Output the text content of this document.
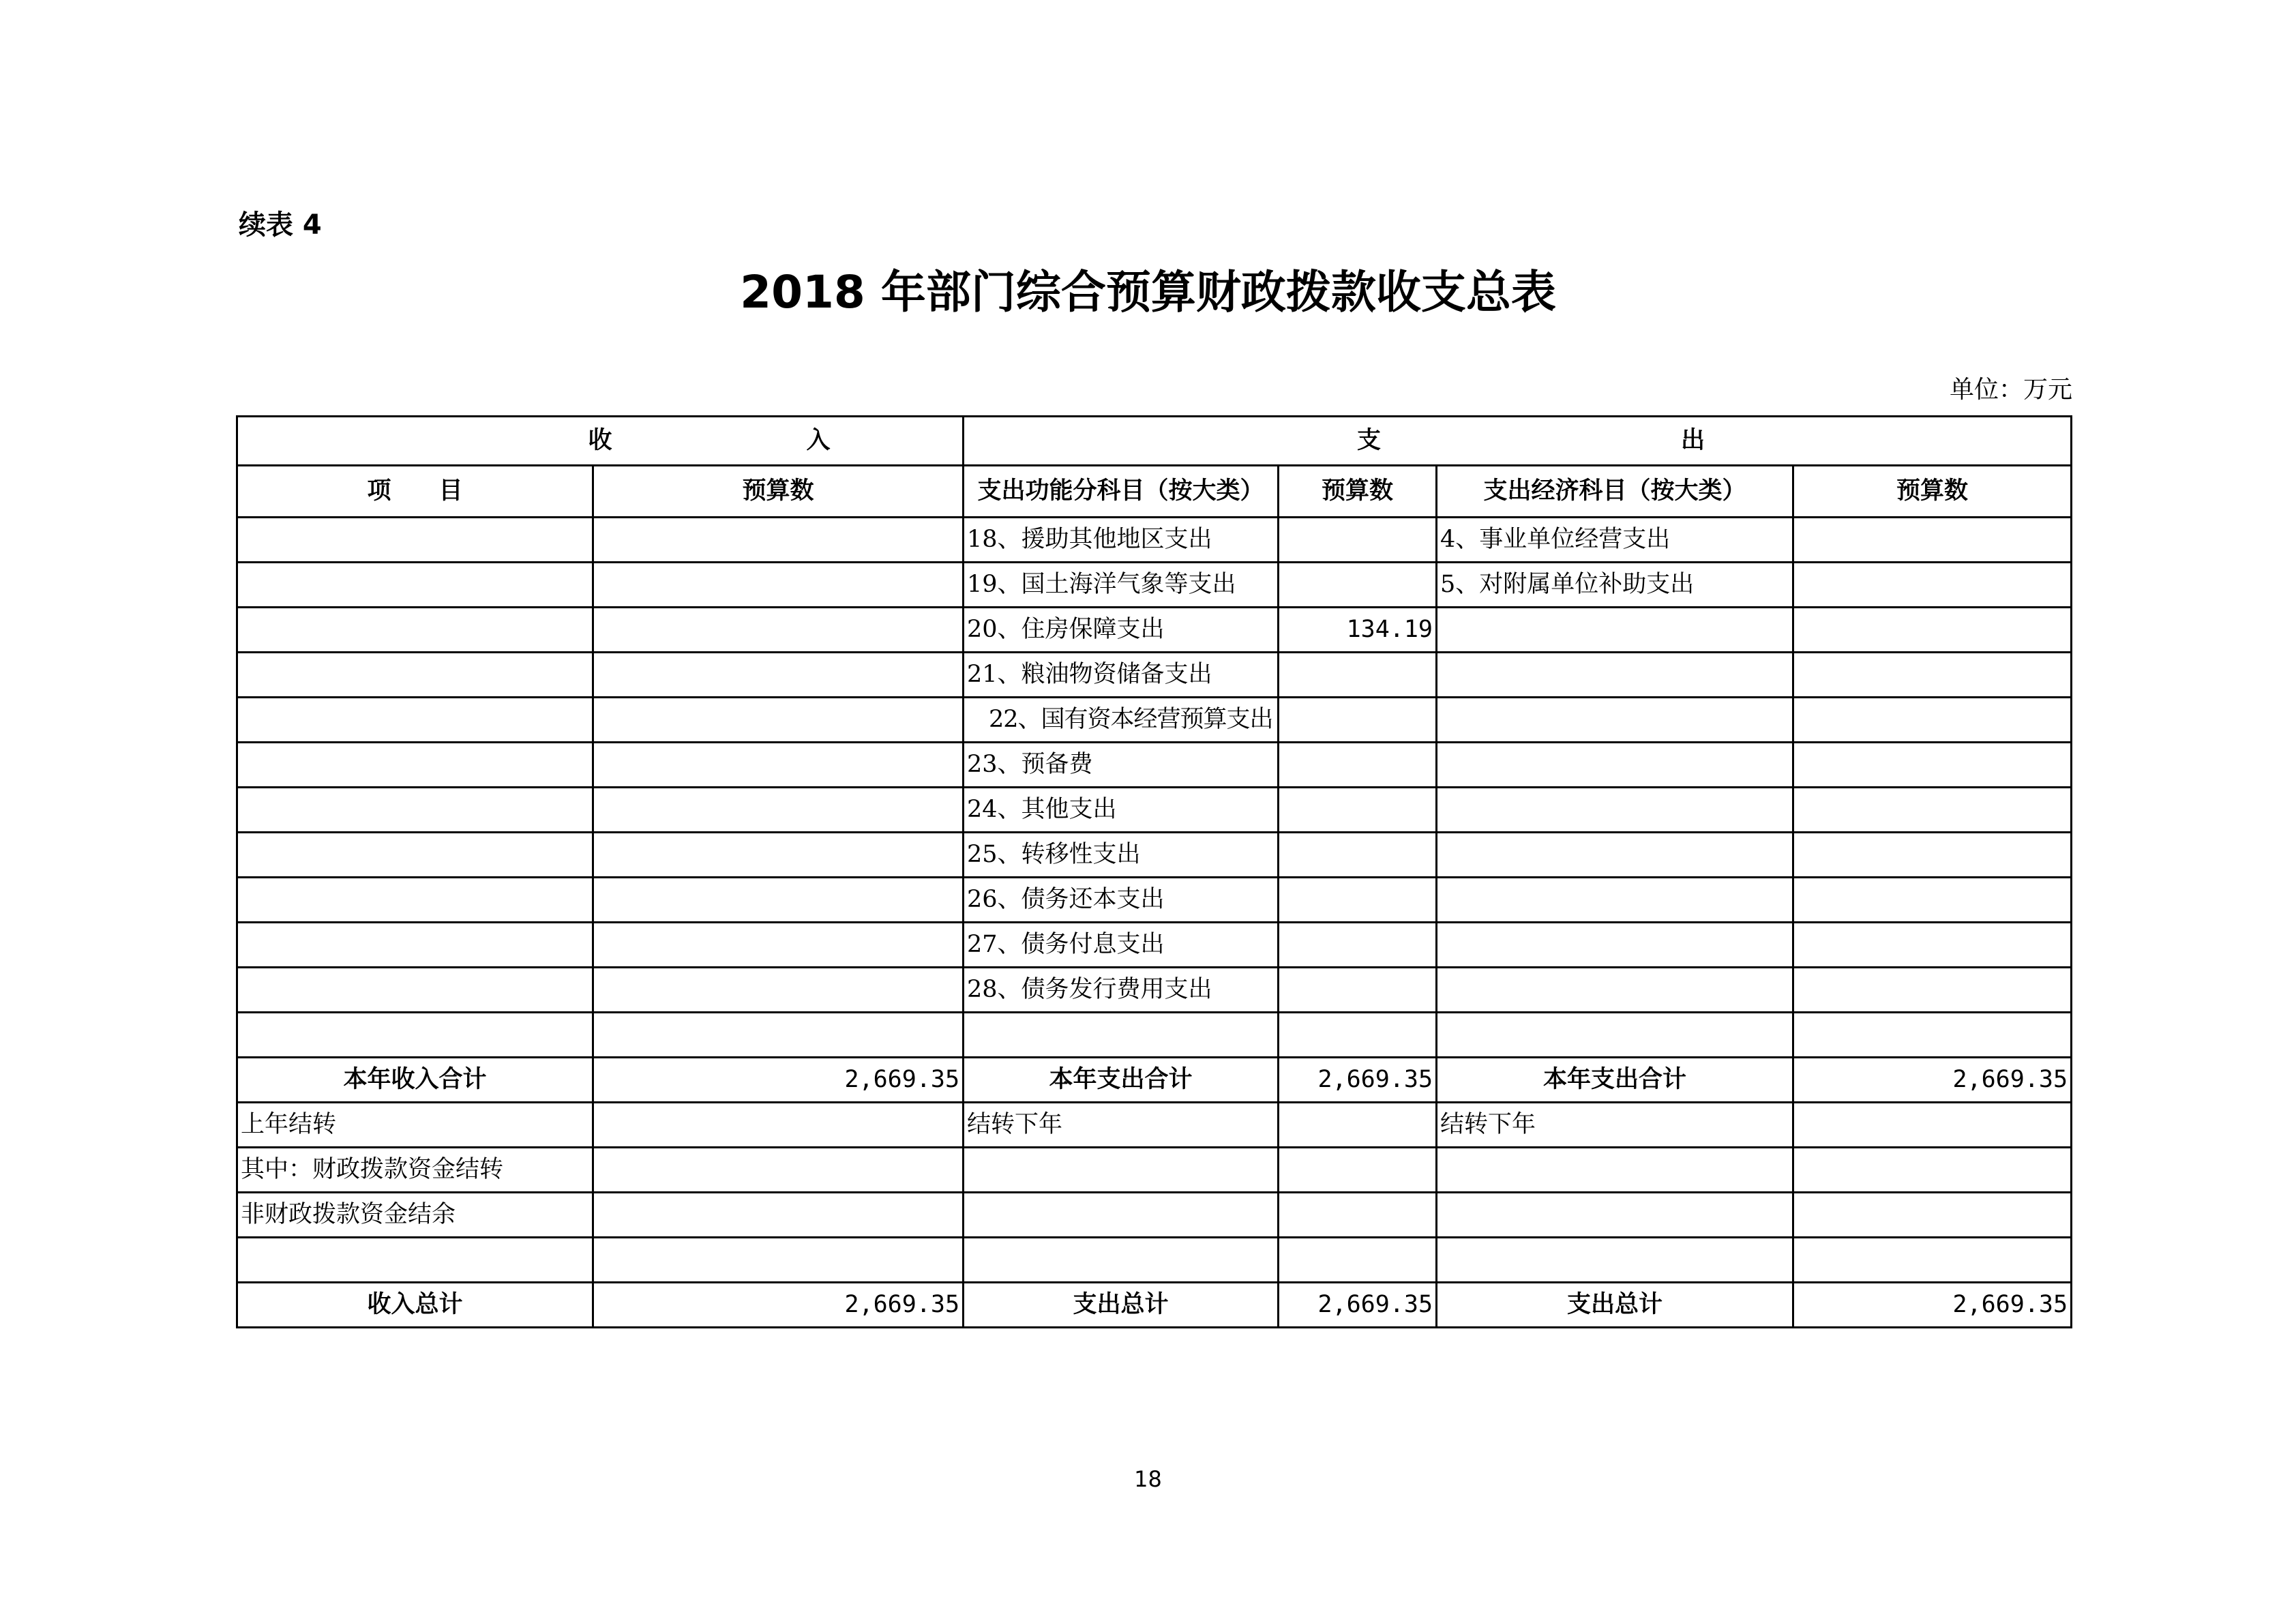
续表 4
2018 年部门综合预算财政拨款收支总表
单位：万元
收 入		支 出			
项　　目	预算数	支出功能分科目（按大类）	预算数	支出经济科目（按大类）	预算数
		18、援助其他地区支出		4、事业单位经营支出	
		19、国土海洋气象等支出		5、对附属单位补助支出	
		20、住房保障支出	134.19		
		21、粮油物资储备支出			
		22、国有资本经营预算支出			
		23、预备费			
		24、其他支出			
		25、转移性支出			
		26、债务还本支出			
		27、债务付息支出			
		28、债务发行费用支出			

本年收入合计	2,669.35	本年支出合计	2,669.35	本年支出合计	2,669.35
上年结转		结转下年		结转下年	
其中：财政拨款资金结转					
非财政拨款资金结余					

收入总计	2,669.35	支出总计	2,669.35	支出总计	2,669.35
18
